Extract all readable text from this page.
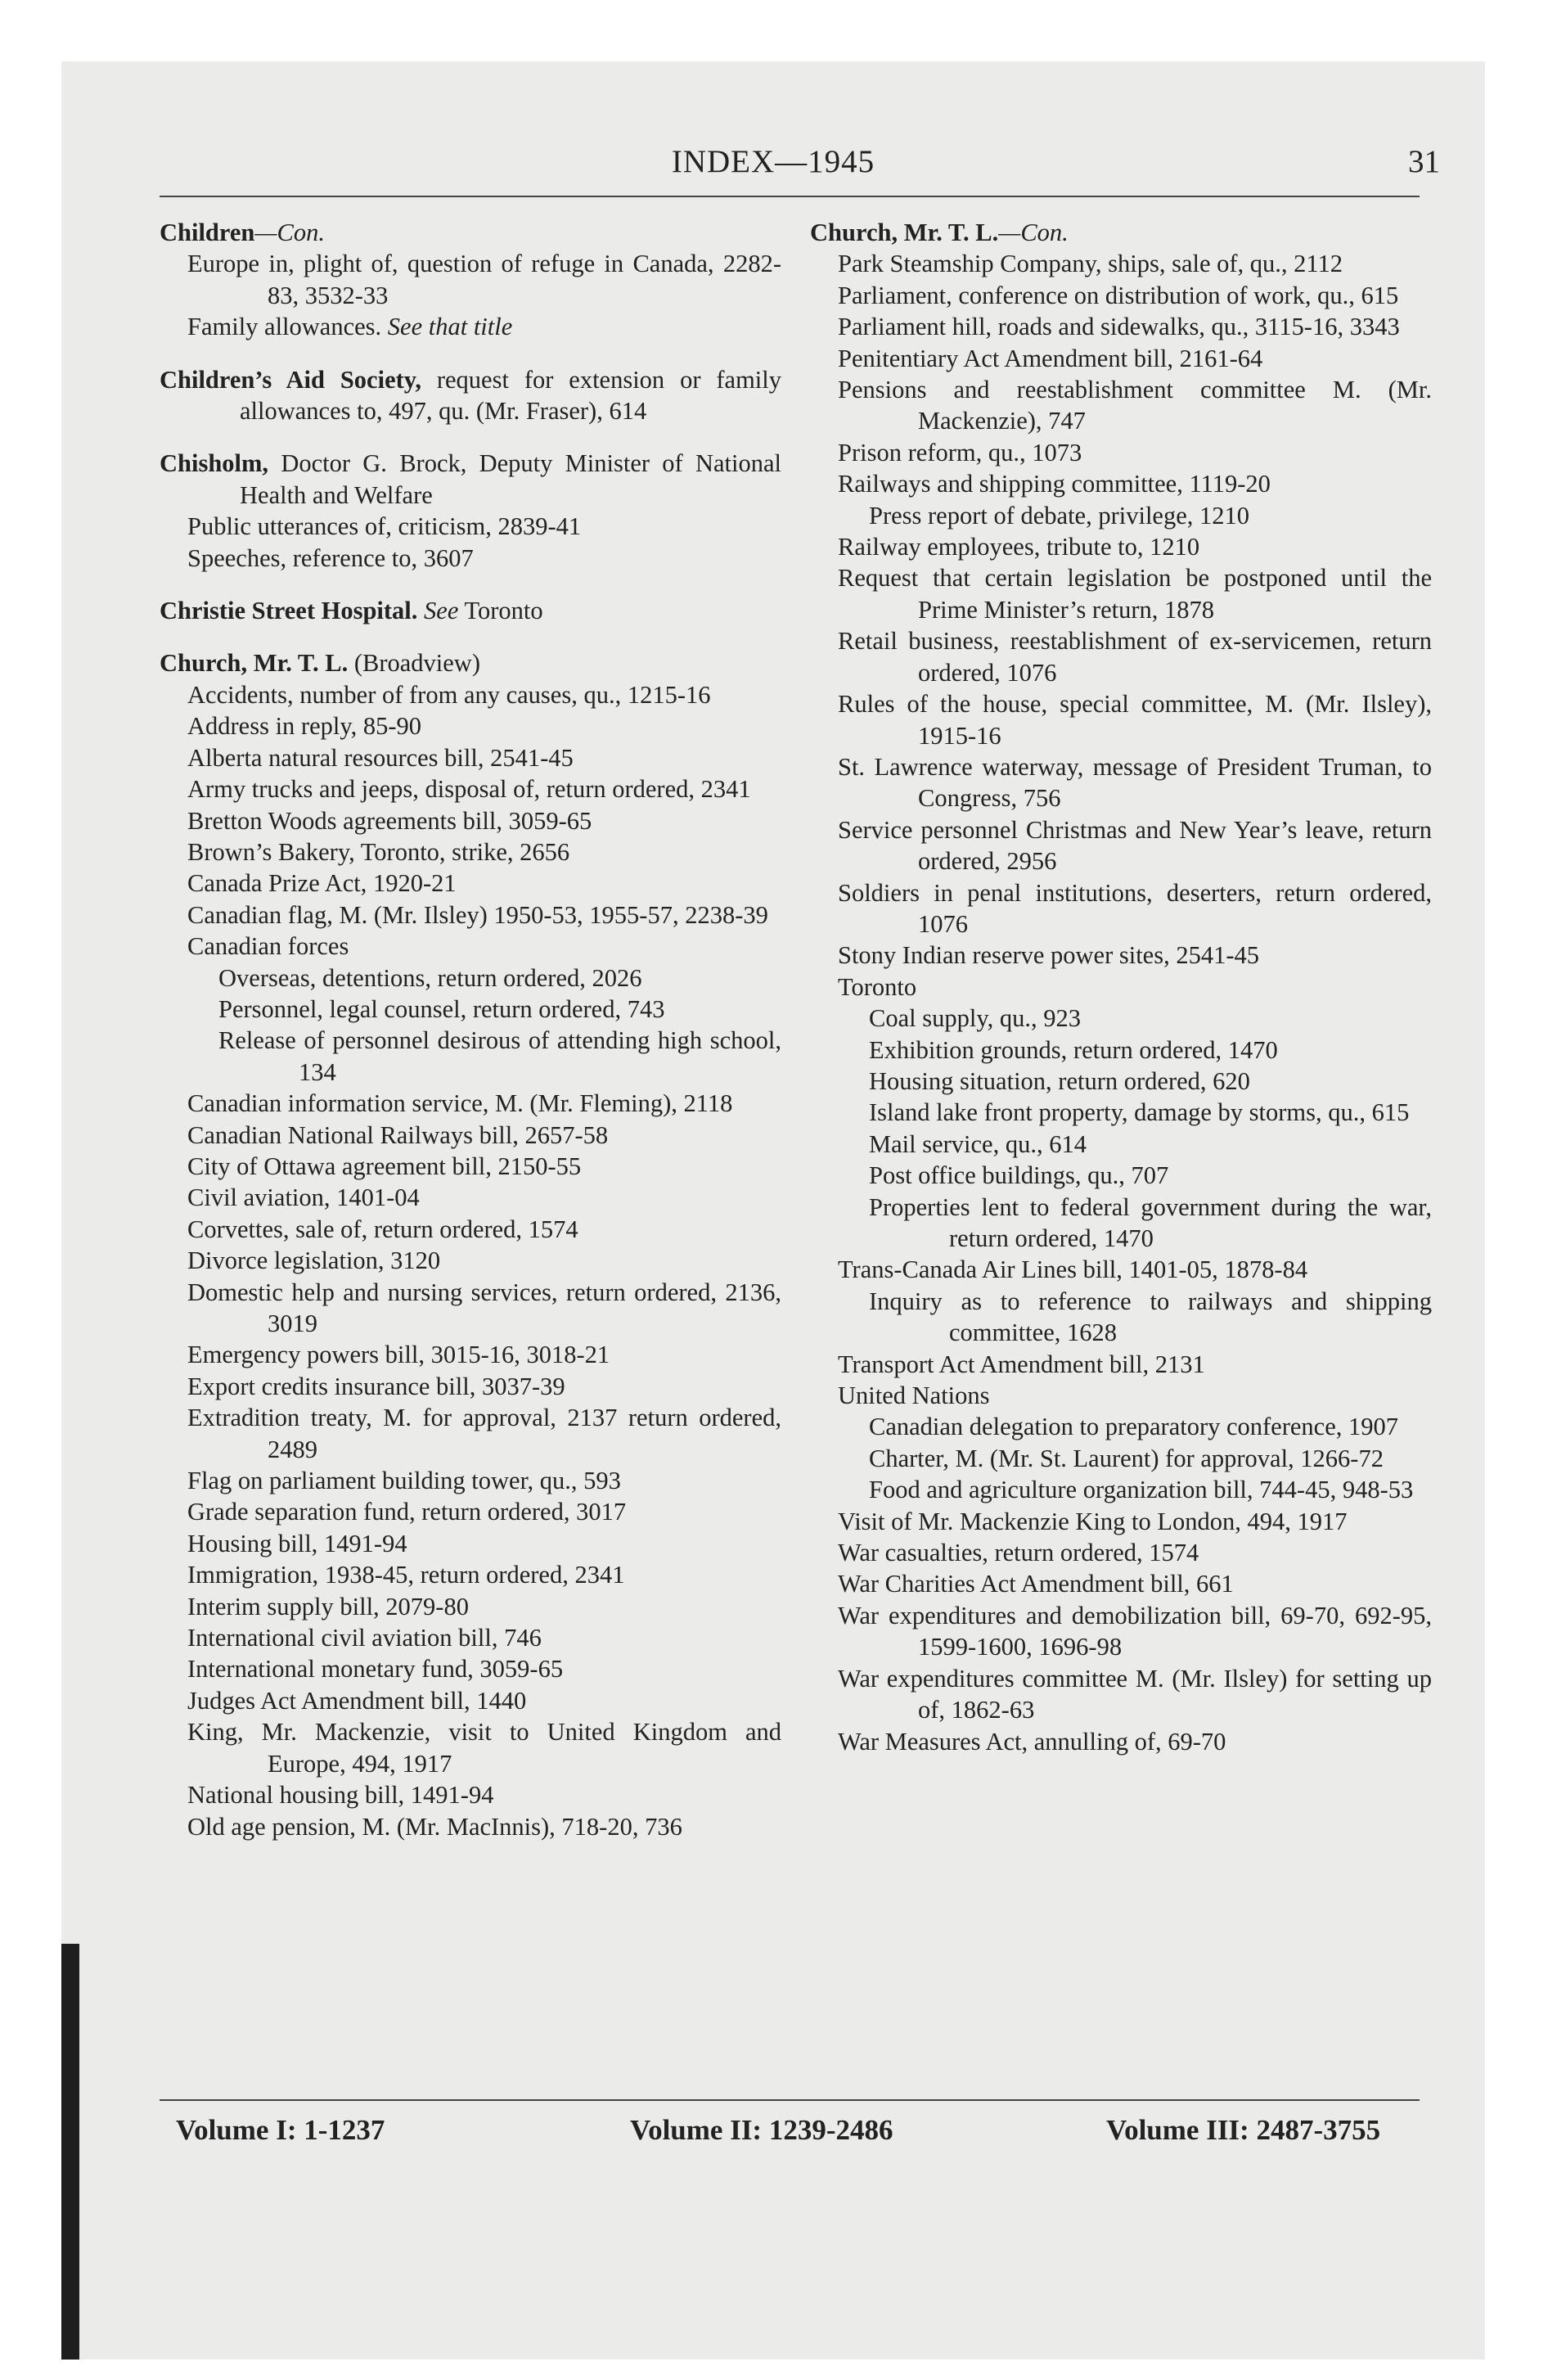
INDEX—1945	31

Children—Con.

Europe in, plight of, question of refuge in Canada, 2282-83, 3532-33

Family allowances. See that title

Children’s Aid Society, request for extension or family allowances to, 497, qu. (Mr. Fraser), 614

Chisholm, Doctor G. Brock, Deputy Minister of National Health and Welfare

Public utterances of, criticism, 2839-41

Speeches, reference to, 3607

Christie Street Hospital. See Toronto

Church, Mr. T. L. (Broadview)

Accidents, number of from any causes, qu., 1215-16

Address in reply, 85-90

Alberta natural resources bill, 2541-45

Army trucks and jeeps, disposal of, return ordered, 2341

Bretton Woods agreements bill, 3059-65

Brown’s Bakery, Toronto, strike, 2656

Canada Prize Act, 1920-21

Canadian flag, M. (Mr. Ilsley) 1950-53, 1955-57, 2238-39

Canadian forces

Overseas, detentions, return ordered, 2026

Personnel, legal counsel, return ordered, 743

Release of personnel desirous of attending high school, 134

Canadian information service, M. (Mr. Fleming), 2118

Canadian National Railways bill, 2657-58

City of Ottawa agreement bill, 2150-55

Civil aviation, 1401-04

Corvettes, sale of, return ordered, 1574

Divorce legislation, 3120

Domestic help and nursing services, return ordered, 2136, 3019

Emergency powers bill, 3015-16, 3018-21

Export credits insurance bill, 3037-39

Extradition treaty, M. for approval, 2137 return ordered, 2489

Flag on parliament building tower, qu., 593

Grade separation fund, return ordered, 3017

Housing bill, 1491-94

Immigration, 1938-45, return ordered, 2341

Interim supply bill, 2079-80

International civil aviation bill, 746

International monetary fund, 3059-65

Judges Act Amendment bill, 1440

King, Mr. Mackenzie, visit to United Kingdom and Europe, 494, 1917

National housing bill, 1491-94

Old age pension, M. (Mr. MacInnis), 718-20, 736

Church, Mr. T. L.—Con.

Park Steamship Company, ships, sale of, qu., 2112

Parliament, conference on distribution of work, qu., 615

Parliament hill, roads and sidewalks, qu., 3115-16, 3343

Penitentiary Act Amendment bill, 2161-64

Pensions and reestablishment committee M. (Mr. Mackenzie), 747

Prison reform, qu., 1073

Railways and shipping committee, 1119-20

Press report of debate, privilege, 1210

Railway employees, tribute to, 1210

Request that certain legislation be postponed until the Prime Minister’s return, 1878

Retail business, reestablishment of ex-servicemen, return ordered, 1076

Rules of the house, special committee, M. (Mr. Ilsley), 1915-16

St. Lawrence waterway, message of President Truman, to Congress, 756

Service personnel Christmas and New Year’s leave, return ordered, 2956

Soldiers in penal institutions, deserters, return ordered, 1076

Stony Indian reserve power sites, 2541-45

Toronto

Coal supply, qu., 923

Exhibition grounds, return ordered, 1470

Housing situation, return ordered, 620

Island lake front property, damage by storms, qu., 615

Mail service, qu., 614

Post office buildings, qu., 707

Properties lent to federal government during the war, return ordered, 1470

Trans-Canada Air Lines bill, 1401-05, 1878-84

Inquiry as to reference to railways and shipping committee, 1628

Transport Act Amendment bill, 2131

United Nations

Canadian delegation to preparatory conference, 1907

Charter, M. (Mr. St. Laurent) for approval, 1266-72

Food and agriculture organization bill, 744-45, 948-53

Visit of Mr. Mackenzie King to London, 494, 1917

War casualties, return ordered, 1574

War Charities Act Amendment bill, 661

War expenditures and demobilization bill, 69-70, 692-95, 1599-1600, 1696-98

War expenditures committee M. (Mr. Ilsley) for setting up of, 1862-63

War Measures Act, annulling of, 69-70

Volume I: 1-1237	Volume II: 1239-2486	Volume III: 2487-3755
